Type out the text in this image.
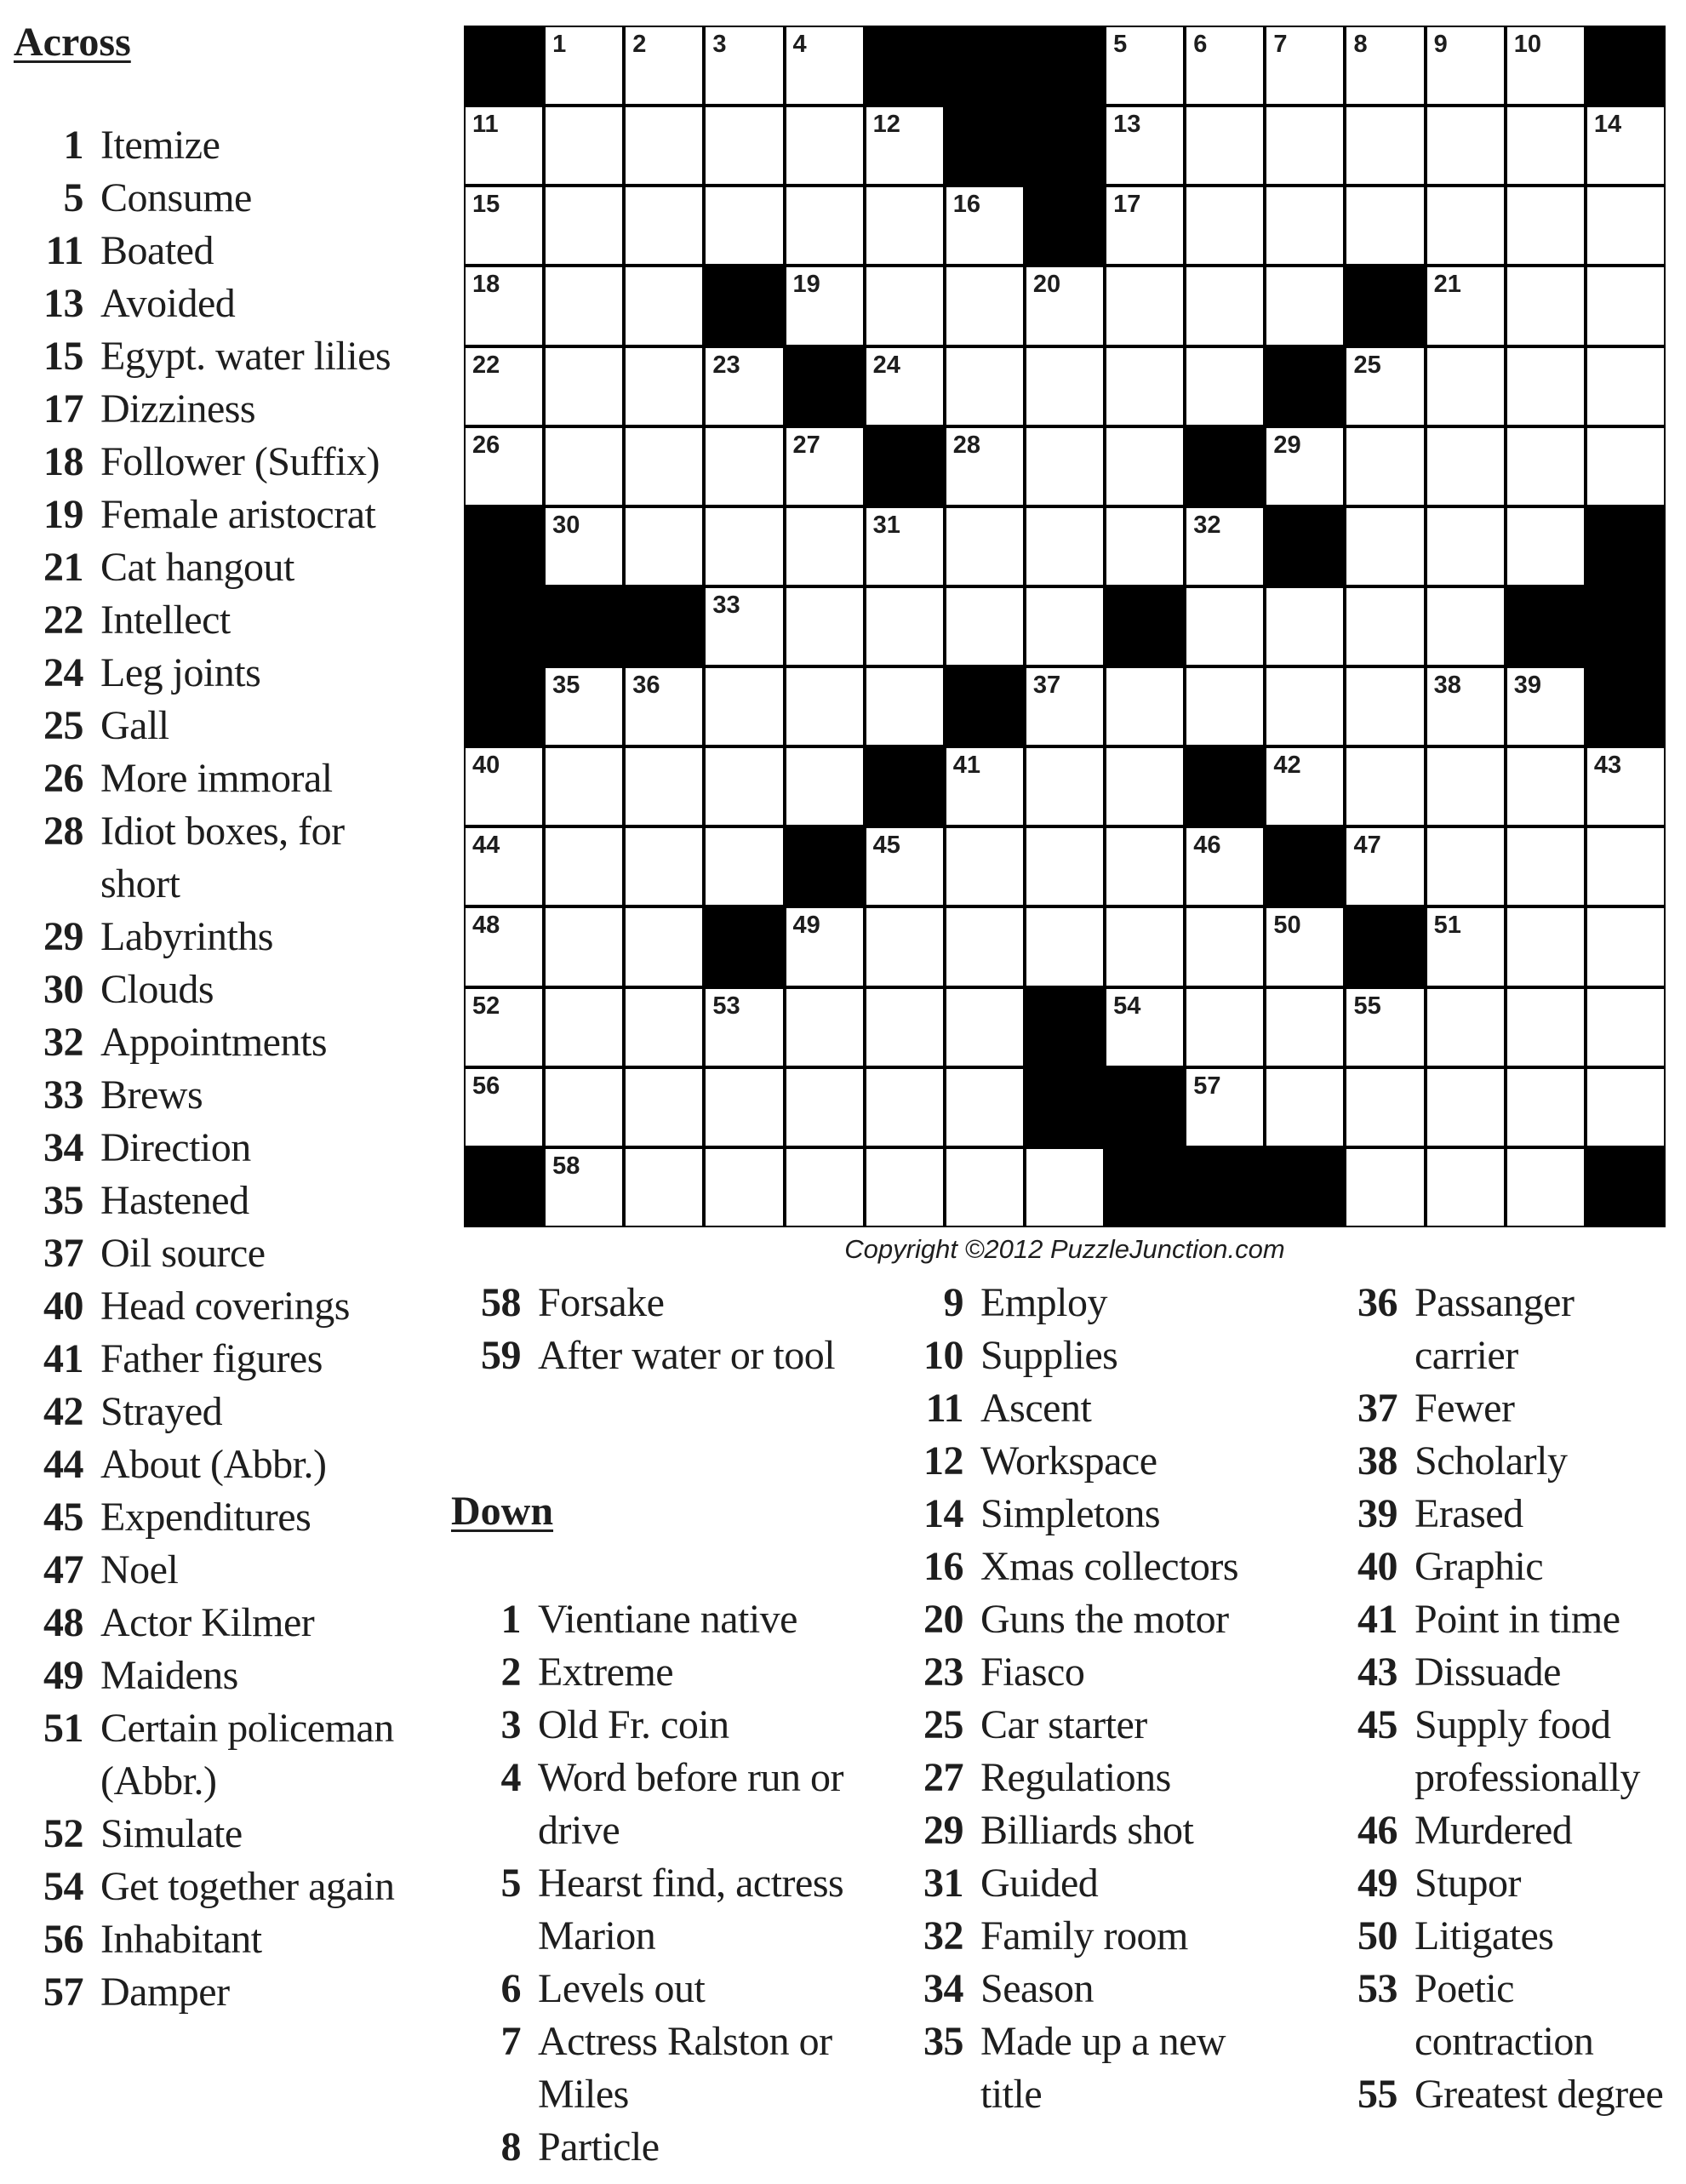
Across
Down
1	2	3	4	5	6	7	8	9	10
11	12	13	14
15	16	17
18	19	20	21
22	23	24	25
26	27	28	29
30	31	32
33
35 36	37	38 39
40	41	42	43
44	45	46	47
48	49	50	51
52	53	54	55
56	57
58
Copyright ©2012 PuzzleJunction.com
1 Itemize
5 Consume
11 Boated
13 Avoided
15 Egypt. water lilies
17 Dizziness
18 Follower (Suffix)
19 Female aristocrat
21 Cat hangout
22 Intellect
24 Leg joints
25 Gall
26 More immoral
28 Idiot boxes, for short
29 Labyrinths
30 Clouds
32 Appointments
33 Brews
34 Direction
35 Hastened
37 Oil source
40 Head coverings
41 Father figures
42 Strayed
44 About (Abbr.)
45 Expenditures
47 Noel
48 Actor Kilmer
49 Maidens
51 Certain policeman (Abbr.)
52 Simulate
54 Get together again
56 Inhabitant
57 Damper
58 Forsake
59 After water or tool
1 Vientiane native
2 Extreme
3 Old Fr. coin
4 Word before run or drive
5 Hearst find, actress Marion
6 Levels out
7 Actress Ralston or Miles
8 Particle
9 Employ
10 Supplies
11 Ascent
12 Workspace
14 Simpletons
16 Xmas collectors
20 Guns the motor
23 Fiasco
25 Car starter
27 Regulations
29 Billiards shot
31 Guided
32 Family room
34 Season
35 Made up a new title
36 Passanger carrier
37 Fewer
38 Scholarly
39 Erased
40 Graphic
41 Point in time
43 Dissuade
45 Supply food professionally
46 Murdered
49 Stupor
50 Litigates
53 Poetic contraction
55 Greatest degree
